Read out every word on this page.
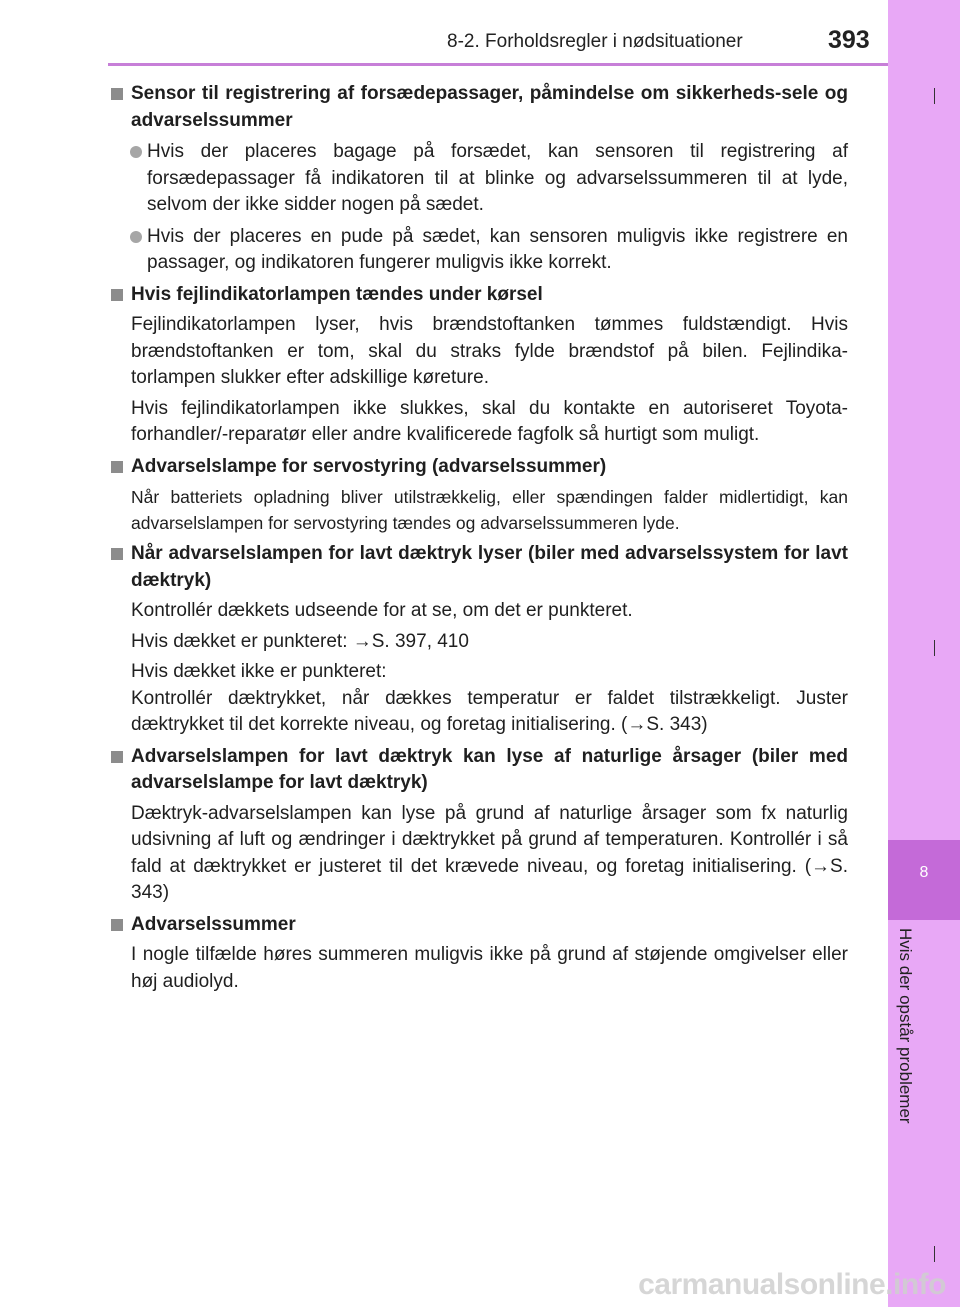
8
Hvis der opstår problemer
8-2. Forholdsregler i nødsituationer	393
Sensor til registrering af forsædepassager, påmindelse om sikkerheds-sele og advarselssummer
Hvis der placeres bagage på forsædet, kan sensoren til registrering af forsædepassager få indikatoren til at blinke og advarselssummeren til at lyde, selvom der ikke sidder nogen på sædet.
Hvis der placeres en pude på sædet, kan sensoren muligvis ikke registrere en passager, og indikatoren fungerer muligvis ikke korrekt.
Hvis fejlindikatorlampen tændes under kørsel
Fejlindikatorlampen lyser, hvis brændstoftanken tømmes fuldstændigt. Hvis brændstoftanken er tom, skal du straks fylde brændstof på bilen. Fejlindika-torlampen slukker efter adskillige køreture.
Hvis fejlindikatorlampen ikke slukkes, skal du kontakte en autoriseret Toyota-forhandler/-reparatør eller andre kvalificerede fagfolk så hurtigt som muligt.
Advarselslampe for servostyring (advarselssummer)
Når batteriets opladning bliver utilstrækkelig, eller spændingen falder midlertidigt, kan advarselslampen for servostyring tændes og advarselssummeren lyde.
Når advarselslampen for lavt dæktryk lyser (biler med advarselssystem for lavt dæktryk)
Kontrollér dækkets udseende for at se, om det er punkteret.
Hvis dækket er punkteret: →S. 397, 410
Hvis dækket ikke er punkteret:
Kontrollér dæktrykket, når dækkes temperatur er faldet tilstrækkeligt. Juster dæktrykket til det korrekte niveau, og foretag initialisering. (→S. 343)
Advarselslampen for lavt dæktryk kan lyse af naturlige årsager (biler med advarselslampe for lavt dæktryk)
Dæktryk-advarselslampen kan lyse på grund af naturlige årsager som fx naturlig udsivning af luft og ændringer i dæktrykket på grund af temperaturen. Kontrollér i så fald at dæktrykket er justeret til det krævede niveau, og foretag initialisering. (→S. 343)
Advarselssummer
I nogle tilfælde høres summeren muligvis ikke på grund af støjende omgivelser eller høj audiolyd.
carmanualsonline.info
